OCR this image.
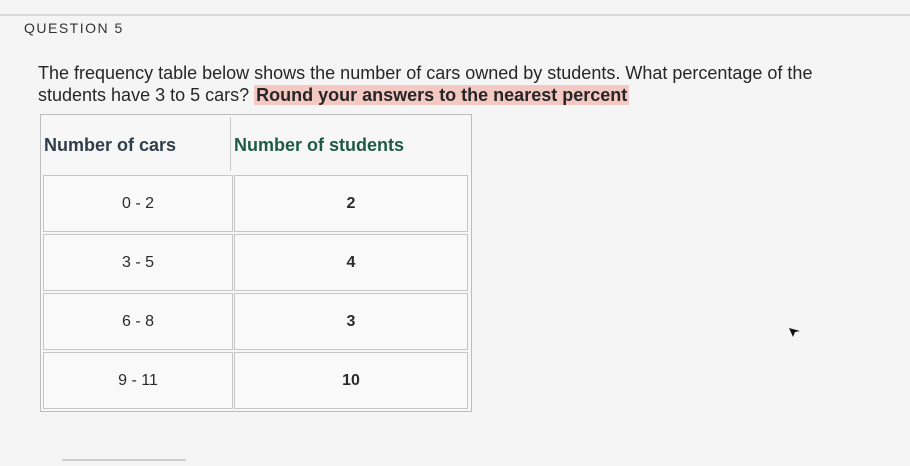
QUESTION 5
The frequency table below shows the number of cars owned by students. What percentage of the
students have 3 to 5 cars? Round your answers to the nearest percent
Number of cars	Number of students
0 - 2	2
3 - 5	4
6 - 8	3
9 - 11	10
